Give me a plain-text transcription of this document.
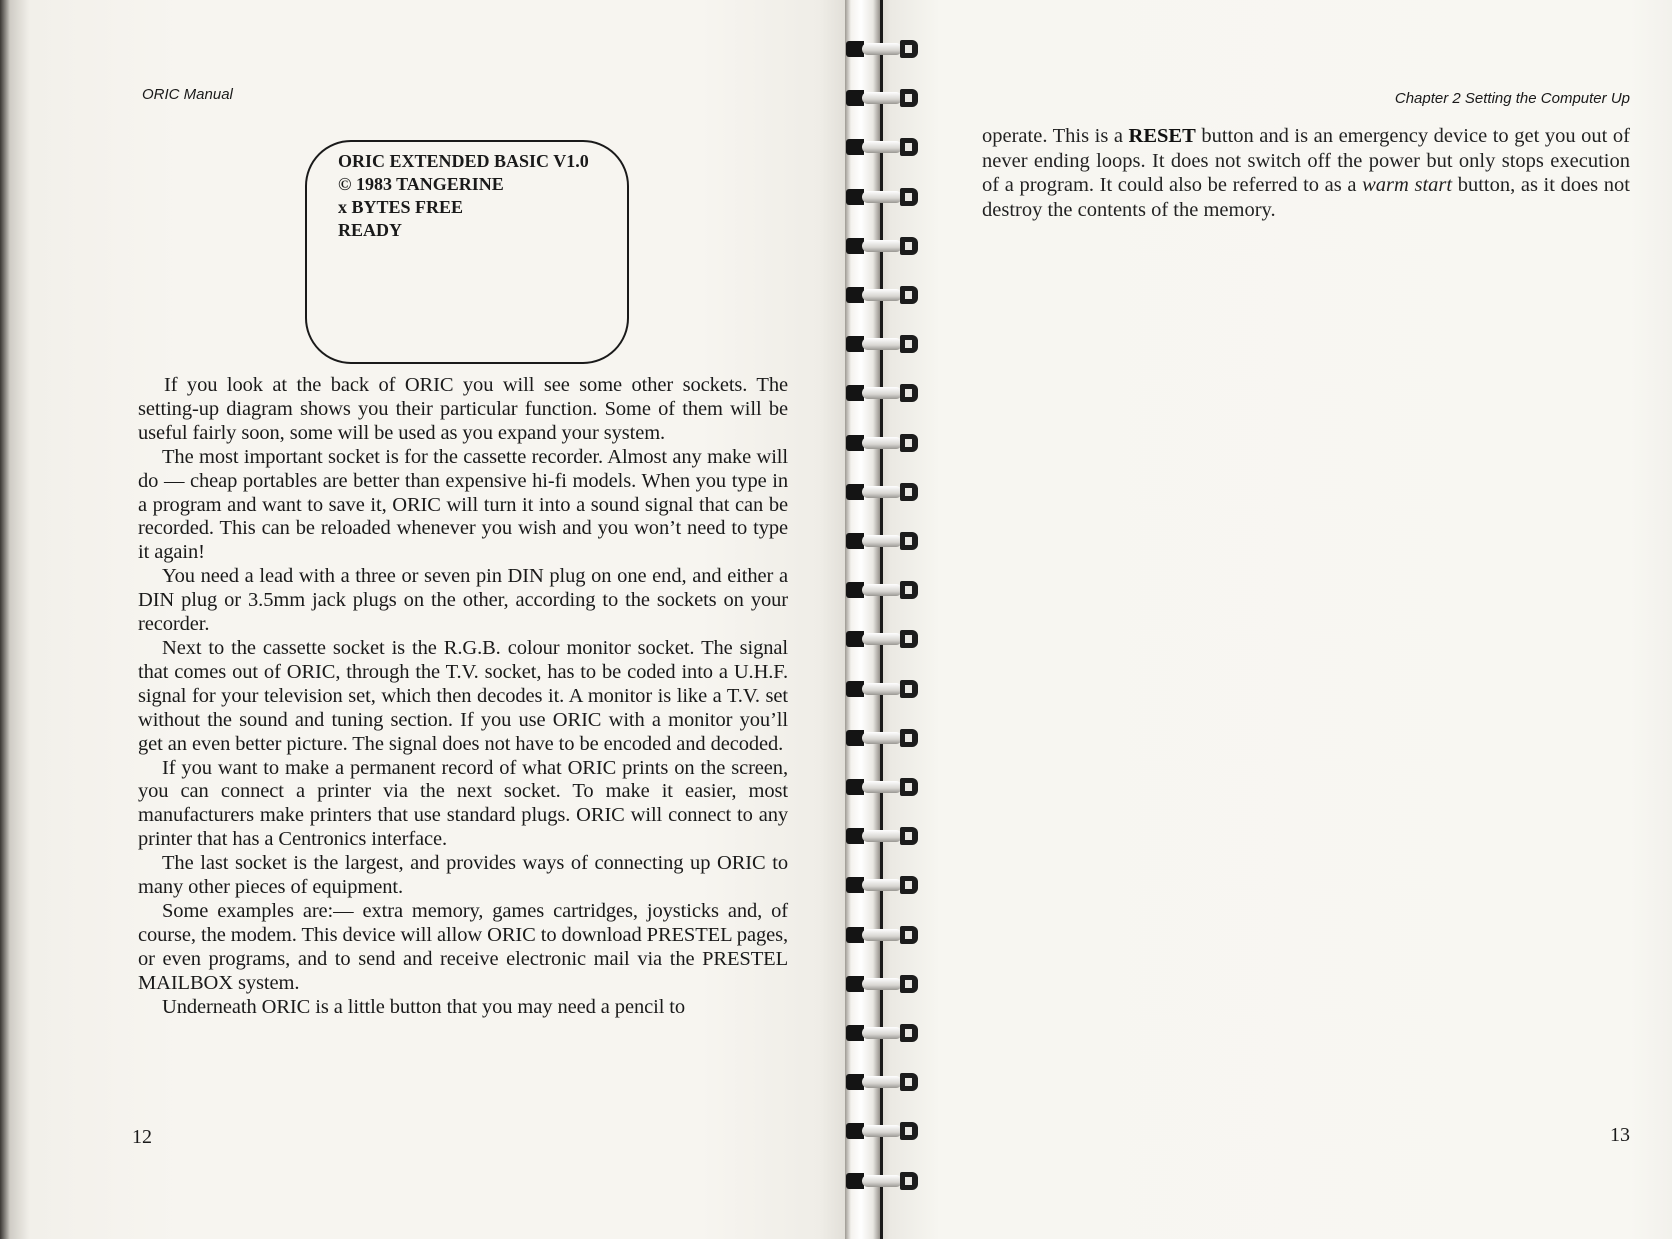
ORIC Manual
ORIC EXTENDED BASIC V1.0
© 1983 TANGERINE
x BYTES FREE
READY

If you look at the back of ORIC you will see some other sockets. The setting-up diagram shows you their particular function. Some of them will be useful fairly soon, some will be used as you expand your system.

The most important socket is for the cassette recorder. Almost any make will do — cheap portables are better than expensive hi-fi models. When you type in a program and want to save it, ORIC will turn it into a sound signal that can be recorded. This can be reloaded whenever you wish and you won’t need to type it again!

You need a lead with a three or seven pin DIN plug on one end, and either a DIN plug or 3.5mm jack plugs on the other, according to the sockets on your recorder.

Next to the cassette socket is the R.G.B. colour monitor socket. The signal that comes out of ORIC, through the T.V. socket, has to be coded into a U.H.F. signal for your television set, which then decodes it. A monitor is like a T.V. set without the sound and tuning section. If you use ORIC with a monitor you’ll get an even better picture. The signal does not have to be encoded and decoded.

If you want to make a permanent record of what ORIC prints on the screen, you can connect a printer via the next socket. To make it easier, most manufacturers make printers that use standard plugs. ORIC will connect to any printer that has a Centronics interface.

The last socket is the largest, and provides ways of connecting up ORIC to many other pieces of equipment.

Some examples are:— extra memory, games cartridges, joysticks and, of course, the modem. This device will allow ORIC to download PRESTEL pages, or even programs, and to send and receive electronic mail via the PRESTEL MAILBOX system.

Underneath ORIC is a little button that you may need a pencil to

12
Chapter 2 Setting the Computer Up

operate. This is a RESET button and is an emergency device to get you out of never ending loops. It does not switch off the power but only stops execution of a program. It could also be referred to as a warm start button, as it does not destroy the contents of the memory.

13
